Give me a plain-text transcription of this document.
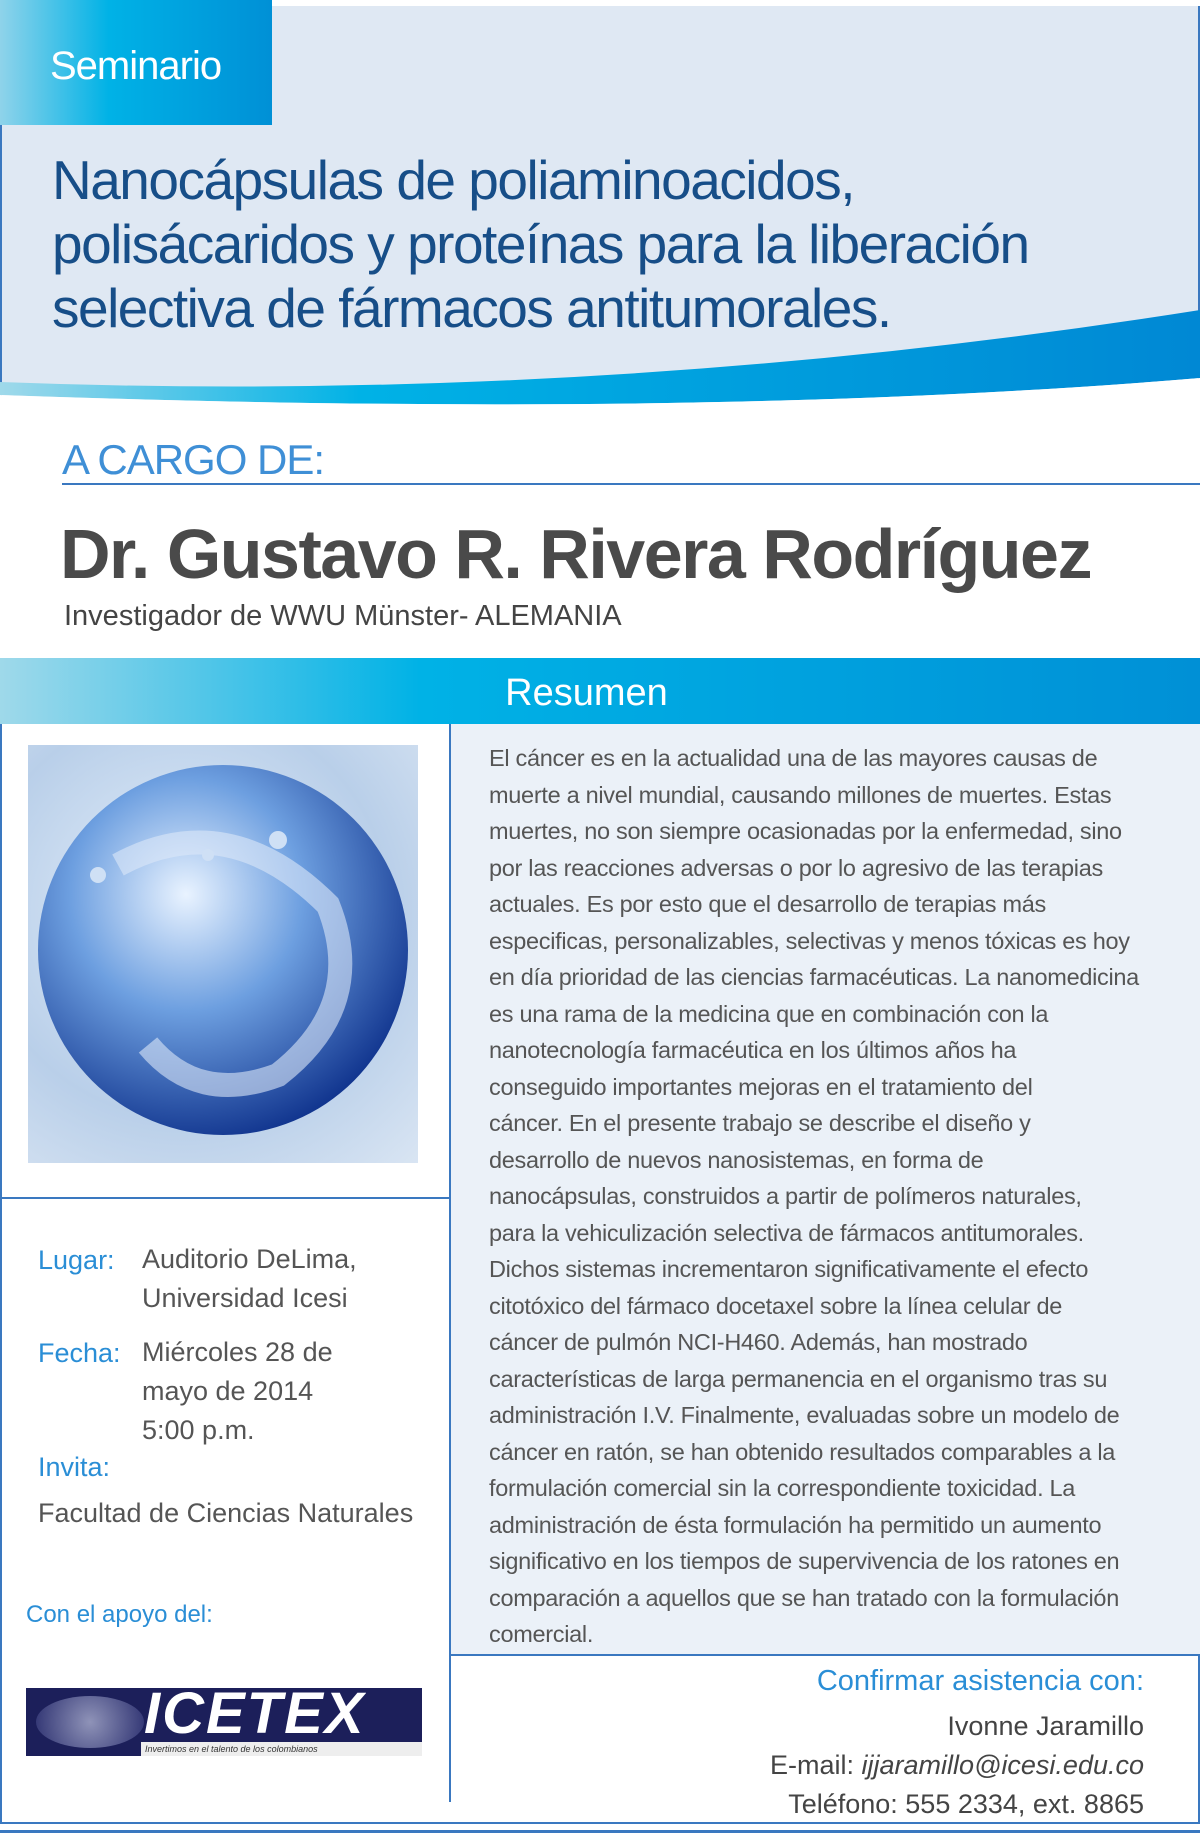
Seminario
Nanocápsulas de poliaminoacidos,
polisácaridos y proteínas para la liberación
selectiva de fármacos antitumorales.
A CARGO DE:
Dr. Gustavo R. Rivera Rodríguez
Investigador de WWU Münster- ALEMANIA
Resumen

El cáncer es en la actualidad una de las mayores causas de
muerte a nivel mundial, causando millones de muertes. Estas
muertes, no son siempre ocasionadas por la enfermedad, sino
por las reacciones adversas o por lo agresivo de las terapias
actuales. Es por esto que el desarrollo de terapias más
especificas, personalizables, selectivas y menos tóxicas es hoy
en día prioridad de las ciencias farmacéuticas. La nanomedicina
es una rama de la medicina que en combinación con la
nanotecnología farmacéutica en los últimos años ha
conseguido importantes mejoras en el tratamiento del
cáncer. En el presente trabajo se describe el diseño y
desarrollo de nuevos nanosistemas, en forma de
nanocápsulas, construidos a partir de polímeros naturales,
para la vehiculización selectiva de fármacos antitumorales.
Dichos sistemas incrementaron significativamente el efecto
citotóxico del fármaco docetaxel sobre la línea celular de
cáncer de pulmón NCI-H460. Además, han mostrado
características de larga permanencia en el organismo tras su
administración I.V. Finalmente, evaluadas sobre un modelo de
cáncer en ratón, se han obtenido resultados comparables a la
formulación comercial sin la correspondiente toxicidad. La
administración de ésta formulación ha permitido un aumento
significativo en los tiempos de supervivencia de los ratones en
comparación a aquellos que se han tratado con la formulación
comercial.

Lugar: Auditorio DeLima,
Universidad Icesi
Fecha: Miércoles 28 de
mayo de 2014
5:00 p.m.
Invita:
Facultad de Ciencias Naturales
Con el apoyo del:
ICETEX
Invertimos en el talento de los colombianos
Confirmar asistencia con:
Ivonne Jaramillo
E-mail: ijjaramillo@icesi.edu.co
Teléfono: 555 2334, ext. 8865
